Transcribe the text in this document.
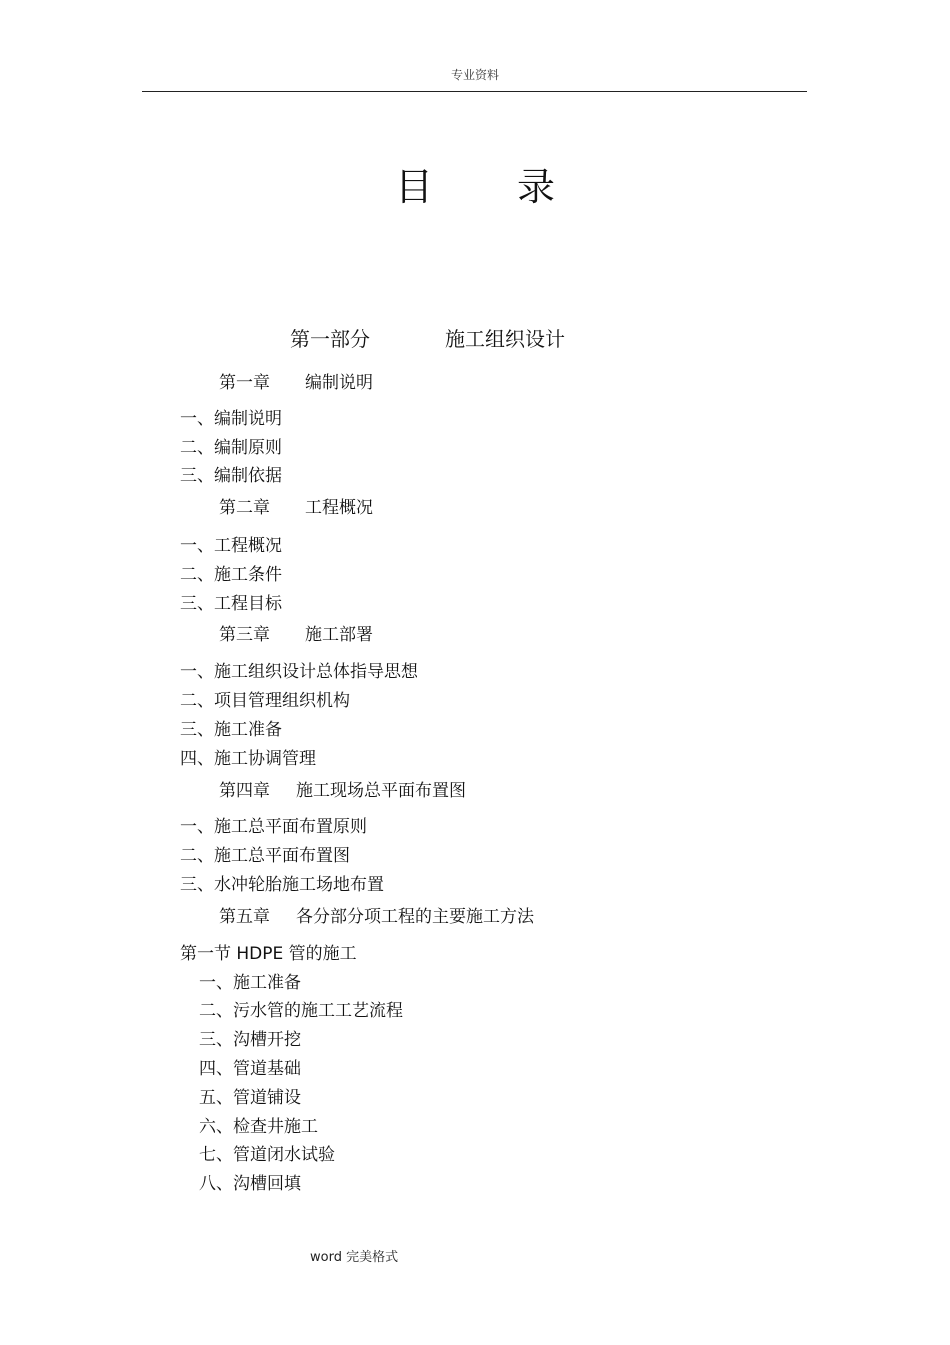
专业资料
目 录
第一部分	施工组织设计
第一章 编制说明
一、编制说明
二、编制原则
三、编制依据
第二章 工程概况
一、工程概况
二、施工条件
三、工程目标
第三章 施工部署
一、施工组织设计总体指导思想
二、项目管理组织机构
三、施工准备
四、施工协调管理
第四章 施工现场总平面布置图
一、施工总平面布置原则
二、施工总平面布置图
三、水冲轮胎施工场地布置
第五章 各分部分项工程的主要施工方法
第一节 HDPE 管的施工
一、施工准备
二、污水管的施工工艺流程
三、沟槽开挖
四、管道基础
五、管道铺设
六、检查井施工
七、管道闭水试验
八、沟槽回填
word 完美格式
